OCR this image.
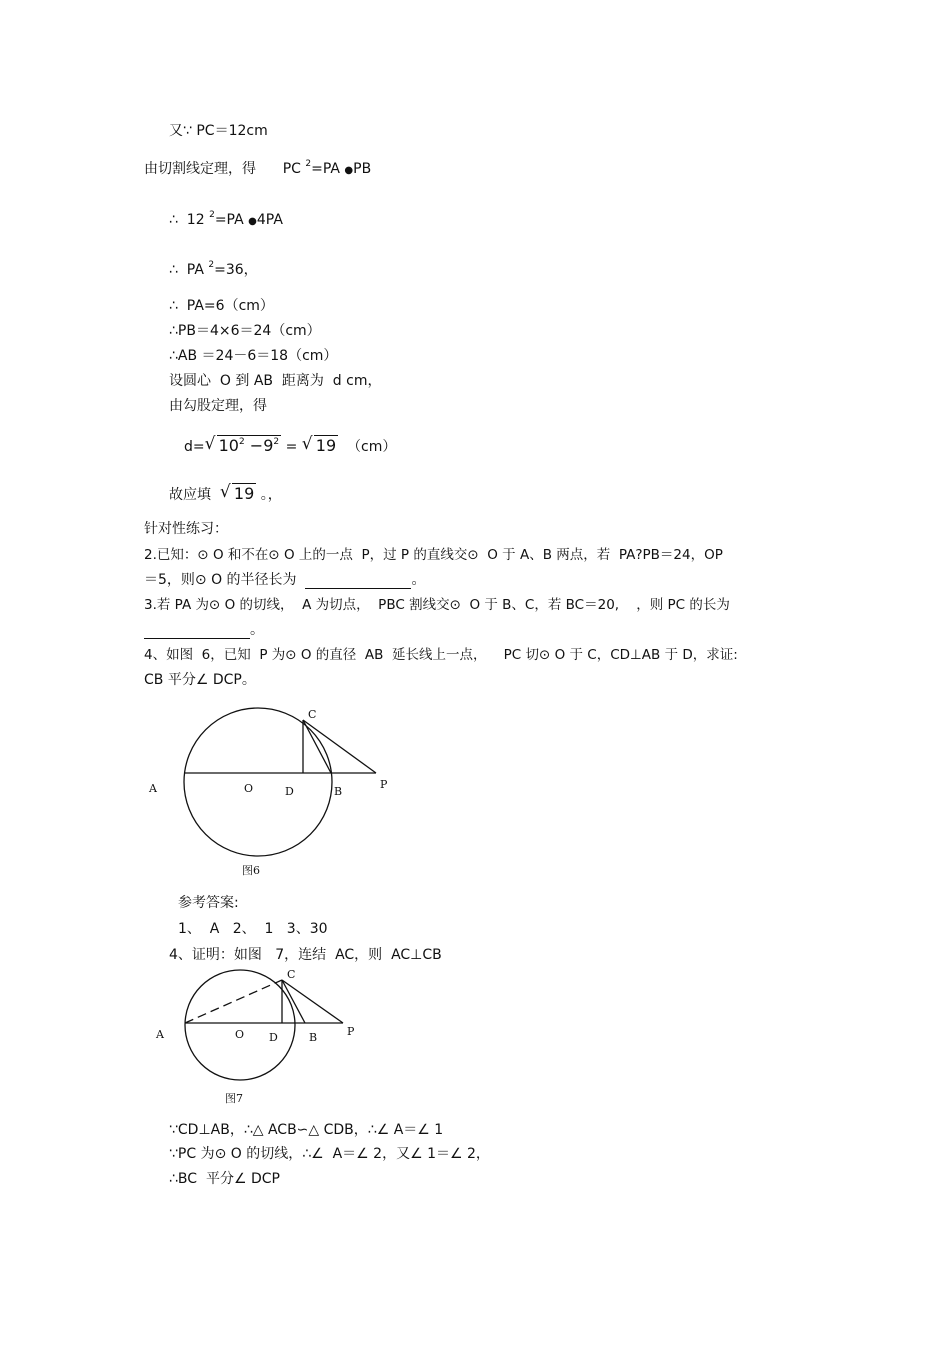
又∵ PC＝12cm
由切割线定理，得 PC $^2$=PA ●PB
∴  12 $^2$=PA ●4PA
∴  PA $^2$=36，
∴  PA=6（cm）
∴PB＝4×6＝24（cm）
∴AB ＝24－6＝18（cm）
设圆心  O 到 AB  距离为  d cm，
由勾股定理，得
d= √ $10^2 -9^2$ = √ 19 （cm）
故应填 √ 19 。，
针对性练习：
2.已知：⊙ O 和不在⊙ O 上的一点  P，过 P 的直线交⊙  O 于 A、B 两点，若  PA?PB＝24，OP
＝5，则⊙ O 的半径长为	。
3.若 PA 为⊙ O 的切线，  A 为切点，  PBC 割线交⊙  O 于 B、C，若 BC＝20,    ，则 PC 的长为
。
4、如图  6，已知  P 为⊙ O 的直径  AB  延长线上一点，    PC 切⊙ O 于 C，CD⊥AB 于 D，求证:
CB 平分∠ DCP。
C
A	O	D	B
P
图6
参考答案:
1、  A   2、  1   3、30
4、证明：如图   7，连结  AC，则  AC⊥CB
C
A	O D	B	P
图7
∵CD⊥AB，∴△ ACB∽△ CDB，∴∠ A＝∠ 1
∵PC 为⊙ O 的切线，∴∠  A＝∠ 2，又∠ 1＝∠ 2，
∴BC  平分∠ DCP
